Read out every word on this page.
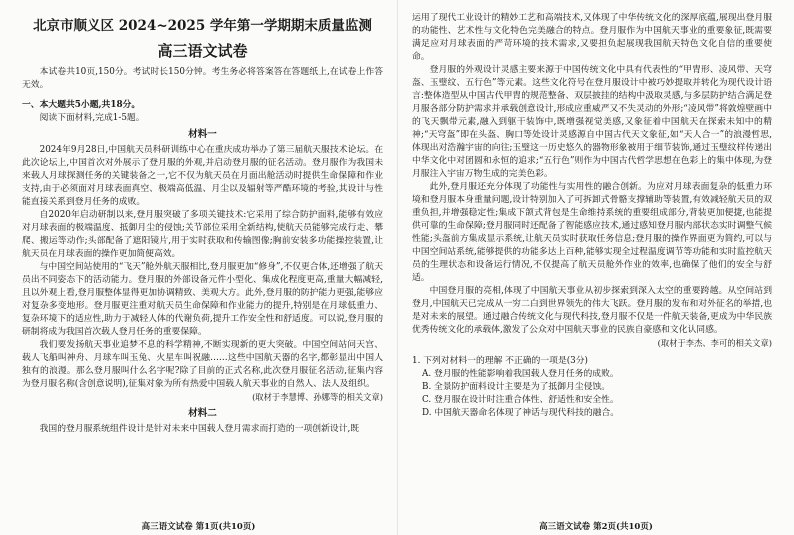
北京市顺义区 2024~2025 学年第一学期期末质量监测
高三语文试卷

本试卷共10页,150分。考试时长150分钟。考生务必将答案答在答题纸上,在试卷上作答无效。

一、本大题共5小题,共18分。

阅读下面材料,完成1-5题。

材料一

2024年9月28日,中国航天员科研训练中心在重庆成功举办了第三届航天服技术论坛。在此次论坛上,中国首次对外展示了登月服的外观,并启动登月服的征名活动。登月服作为我国未来载人月球探测任务的关键装备之一,它不仅为航天员在月面出舱活动时提供生命保障和作业支持,由于必须面对月球表面真空、极端高低温、月尘以及辐射等严酷环境的考验,其设计与性能直接关系到登月任务的成败。

自2020年启动研制以来,登月服突破了多项关键技术:它采用了综合防护面料,能够有效应对月球表面的极端温度、抵御月尘的侵蚀;关节部位采用全新结构,使航天员能够完成行走、攀爬、搬运等动作;头部配备了遮阳镜片,用于实时获取和传输图像;胸前安装多功能操控装置,让航天员在月球表面的操作更加简便高效。

与中国空间站使用的“飞天”舱外航天服相比,登月服更加“修身”,不仅更合体,还增强了航天员出不同姿态下的活动能力。登月服的外部设备元件小型化、集成化程度更高,重量大幅减轻,且以外观上看,登月服整体显得更加协调精致、美观大方。此外,登月服的防护能力更强,能够应对复杂多变地形。登月服更注重对航天员生命保障和作业能力的提升,特别是在月球低重力、复杂环境下的适应性,助力于减轻人体的代谢负荷,提升工作安全性和舒适度。可以说,登月服的研制将成为我国首次载人登月任务的重要保障。

我们要发扬航天事业追梦不息的科学精神,不断实现新的更大突破。中国空间站问天宫、载人飞船叫神舟、月球车叫玉兔、火星车叫祝融……这些中国航天器的名字,都彰显出中国人独有的浪漫。那么登月服叫什么名字呢?除了目前的正式名称,此次登月服征名活动,征集内容为登月服名称(含创意说明),征集对象为所有热爱中国载人航天事业的自然人、法人及组织。

(取材于李慧博、孙娜等的相关文章)

材料二

我国的登月服系统组件设计是针对未来中国载人登月需求而打造的一项创新设计,既

高三语文试卷 第1页(共10页)

运用了现代工业设计的精妙工艺和高端技术,又体现了中华传统文化的深厚底蕴,展现出登月服的功能性、艺术性与文化特色完美融合的特点。登月服作为中国航天事业的重要象征,既需要满足应对月球表面的严苛环境的技术需求,又要担负起展现我国航天特色文化自信的重要使命。

登月服的外观设计灵感主要来源于中国传统文化中具有代表性的“甲胄形、凌风带、天穹盔、玉璧纹、五行色”等元素。这些文化符号在登月服设计中被巧妙提取并转化为现代设计语言:整体造型从中国古代甲胄的规范整备、双层披挂的结构中汲取灵感,与多层防护结合满足登月服各部分防护需求并承载创意设计,形成应重威严又不失灵动的外形;“凌风带”将敦煌壁画中的飞天飘带元素,融入到躯干装饰中,既增强视觉美感,又象征着中国航天在探索未知中的精神;“天穹盔”即在头盔、胸口等处设计灵感源自中国古代天文象征,如“天人合一”的浪漫哲思,体现出对浩瀚宇宙的向往;玉璧这一历史悠久的器物形象被用于细节装饰,通过玉璧纹样传递出中华文化中对团圆和永恒的追求;“五行色”则作为中国古代哲学思想在色彩上的集中体现,为登月服注入宇宙万物生成的完美色彩。

此外,登月服还充分体现了功能性与实用性的融合创新。为应对月球表面复杂的低重力环境和登月服本身重量问题,设计特别加入了可拆卸式骨骼支撑辅助等装置,有效减轻航天员的双重负担,并增强稳定性;集成下颌式背包是生命维持系统的重要组成部分,背装更加便捷,也能提供可靠的生命保障;登月服同时还配备了智能感应技术,通过感知登月服内部状态实时调整气候性能;头盔前方集成显示系统,让航天员实时获取任务信息;登月服的操作界面更为简约,可以与中国空间站系统,能够提供的功能多达上百种,能够实现全过程温度调节等功能和实时监控航天员的生理状态和设备运行情况,不仅提高了航天员舱外作业的效率,也确保了他们的安全与舒适。

中国登月服的亮相,体现了中国航天事业从初步探索到深入太空的重要跨越。从空间站到登月,中国航天已完成从一穷二白到世界领先的伟大飞跃。登月服的发布和对外征名的举措,也是对未来的展望。通过融合传统文化与现代科技,登月服不仅是一件航天装备,更成为中华民族优秀传统文化的承载体,激发了公众对中国航天事业的民族自豪感和文化认同感。

(取材于李杰、李可的相关文章)

1. 下列对材料一的理解 不正确的一项是(3分)

A. 登月服的性能影响着我国载人登月任务的成败。

B. 全景防护面料设计主要是为了抵御月尘侵蚀。

C. 登月服在设计时注重合体性、舒适性和安全性。

D. 中国航天器命名体现了神话与现代科技的融合。

高三语文试卷 第2页(共10页)
